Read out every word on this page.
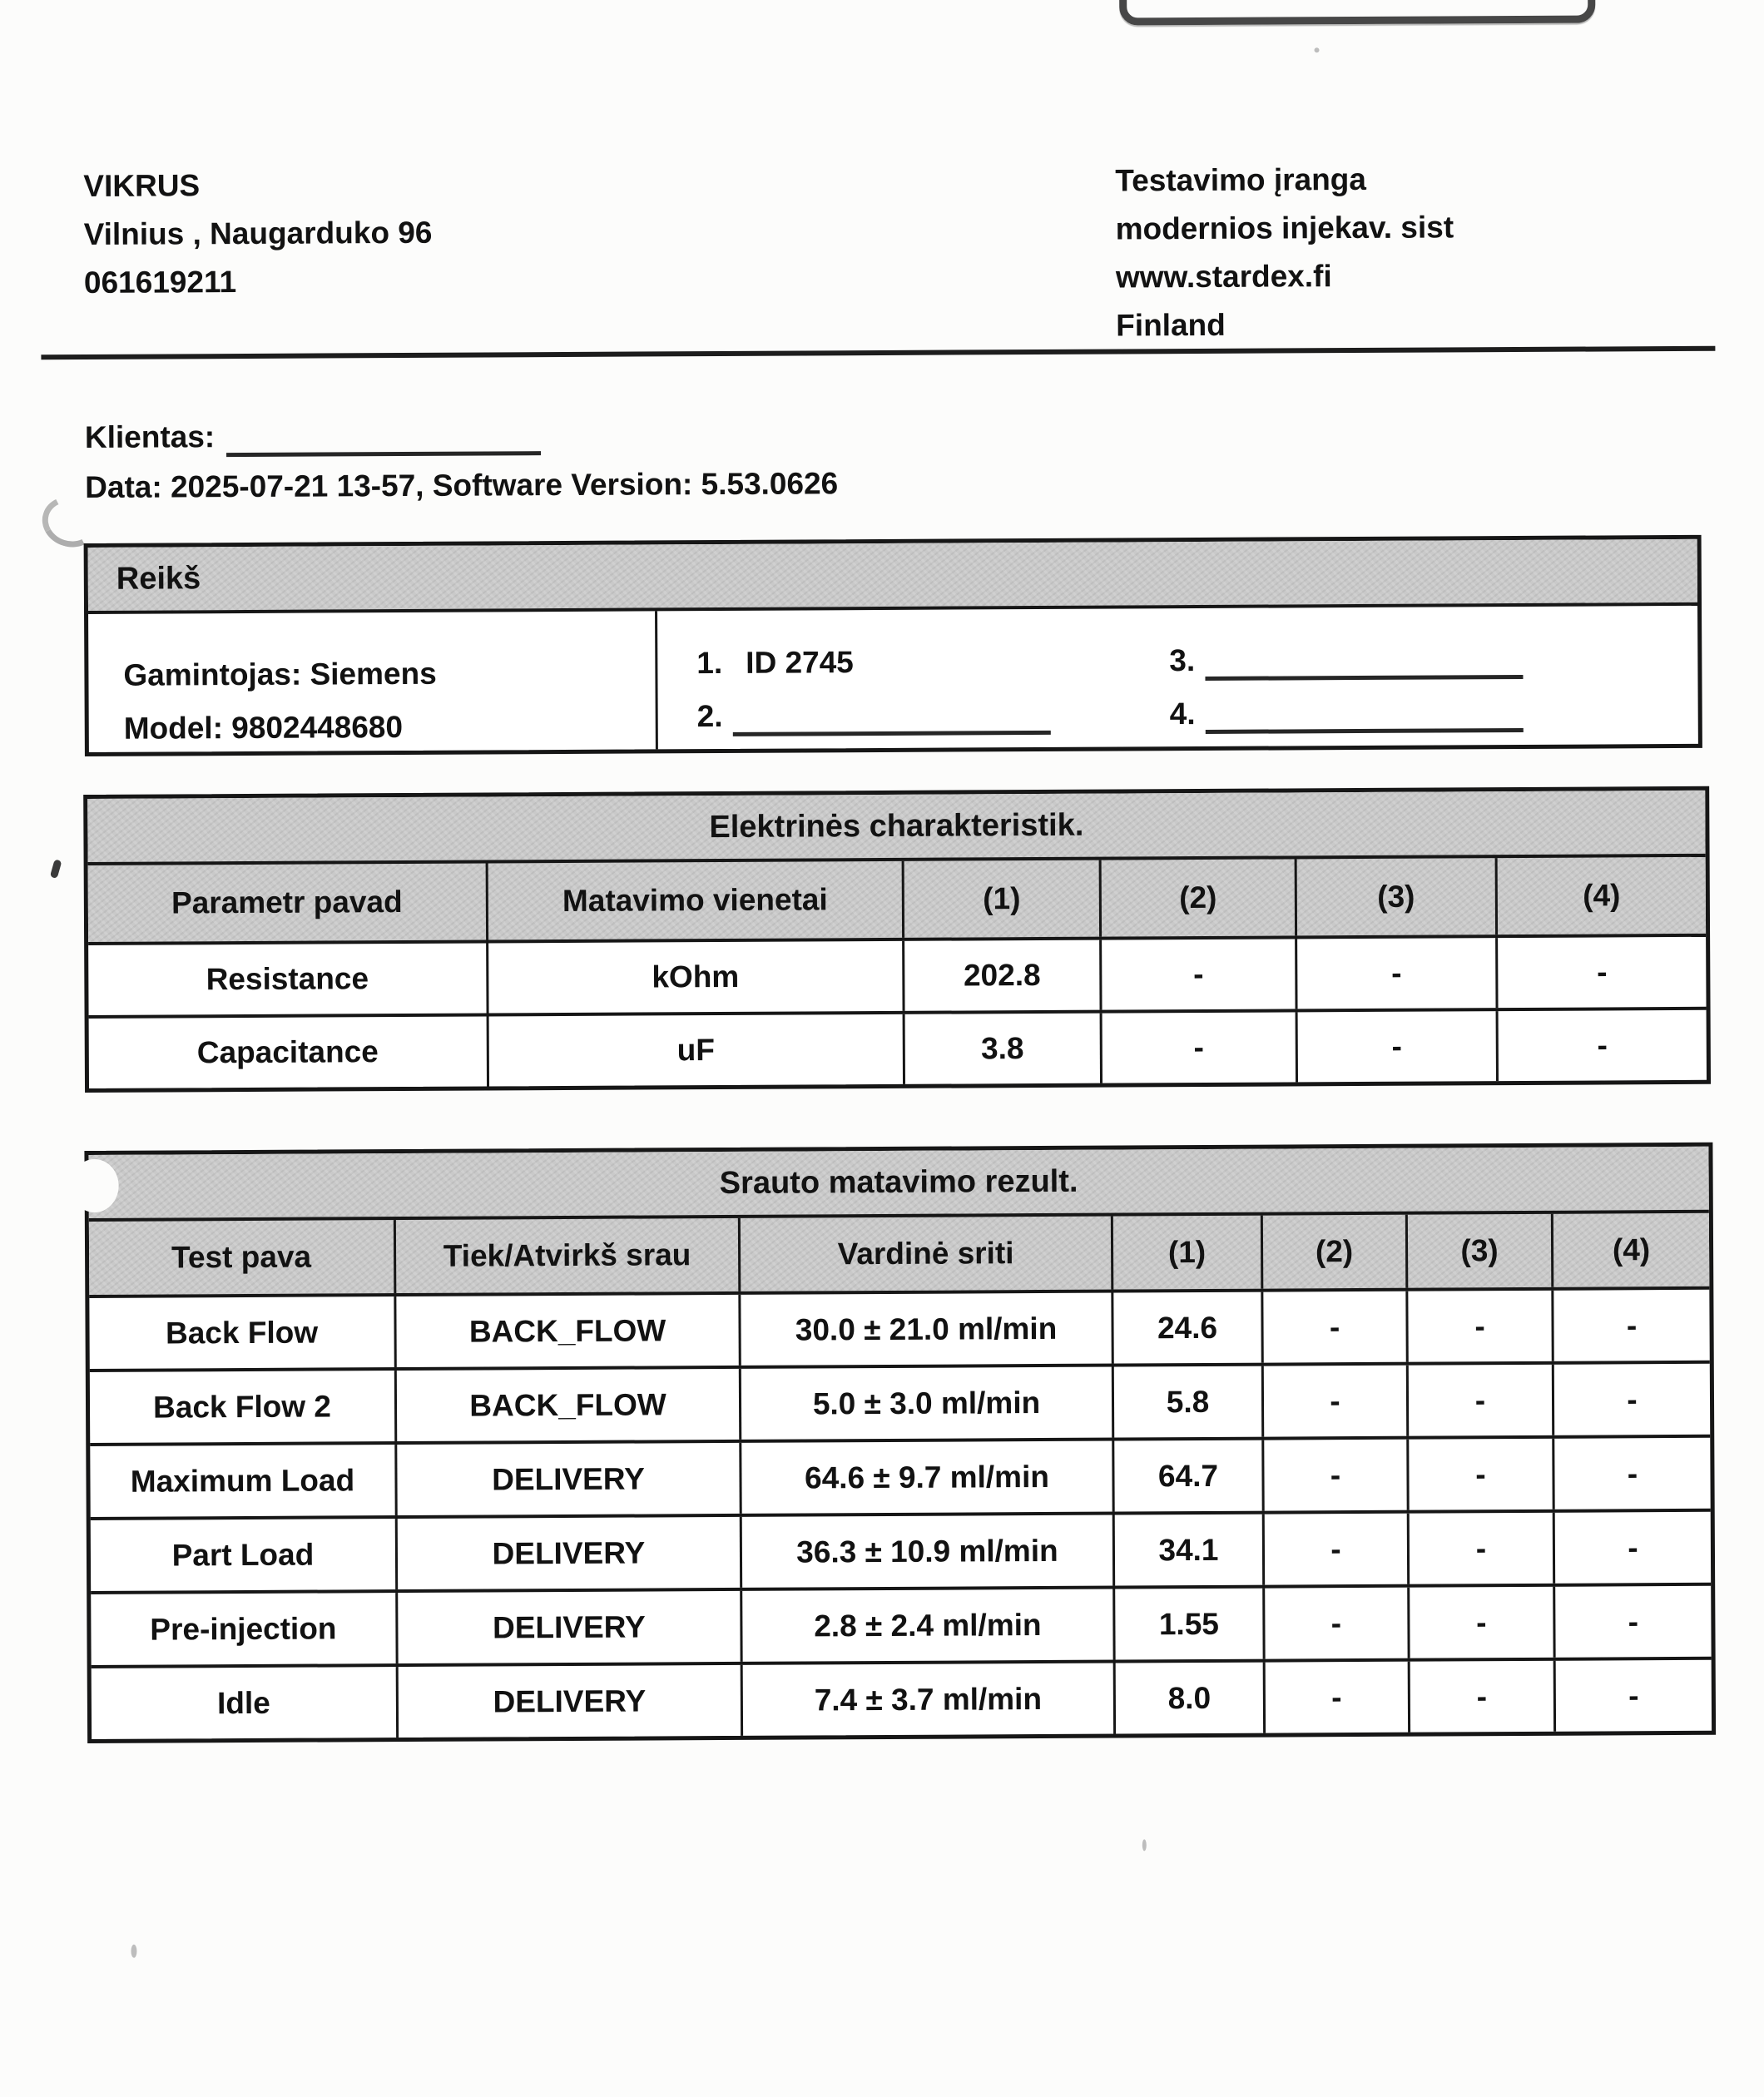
VIKRUS
Vilnius , Naugarduko 96
061619211
Testavimo įranga
modernios injekav. sist
www.stardex.fi
Finland
Klientas:
Data: 2025-07-21 13-57, Software Version: 5.53.0626
Reikš
Gamintojas: Siemens
Model: 9802448680
1. ID 2745
2.
3.
4.
Elektrinės charakteristik.
Parametr pavad	Matavimo vienetai	(1)	(2)	(3)	(4)
Resistance	kOhm	202.8	-	-	-
Capacitance	uF	3.8	-	-	-
Srauto matavimo rezult.
Test pava	Tiek/Atvirkš srau	Vardinė sriti	(1)	(2)	(3)	(4)
Back Flow	BACK_FLOW	30.0 ± 21.0 ml/min	24.6	-	-	-
Back Flow 2	BACK_FLOW	5.0 ± 3.0 ml/min	5.8	-	-	-
Maximum Load	DELIVERY	64.6 ± 9.7 ml/min	64.7	-	-	-
Part Load	DELIVERY	36.3 ± 10.9 ml/min	34.1	-	-	-
Pre-injection	DELIVERY	2.8 ± 2.4 ml/min	1.55	-	-	-
Idle	DELIVERY	7.4 ± 3.7 ml/min	8.0	-	-	-
